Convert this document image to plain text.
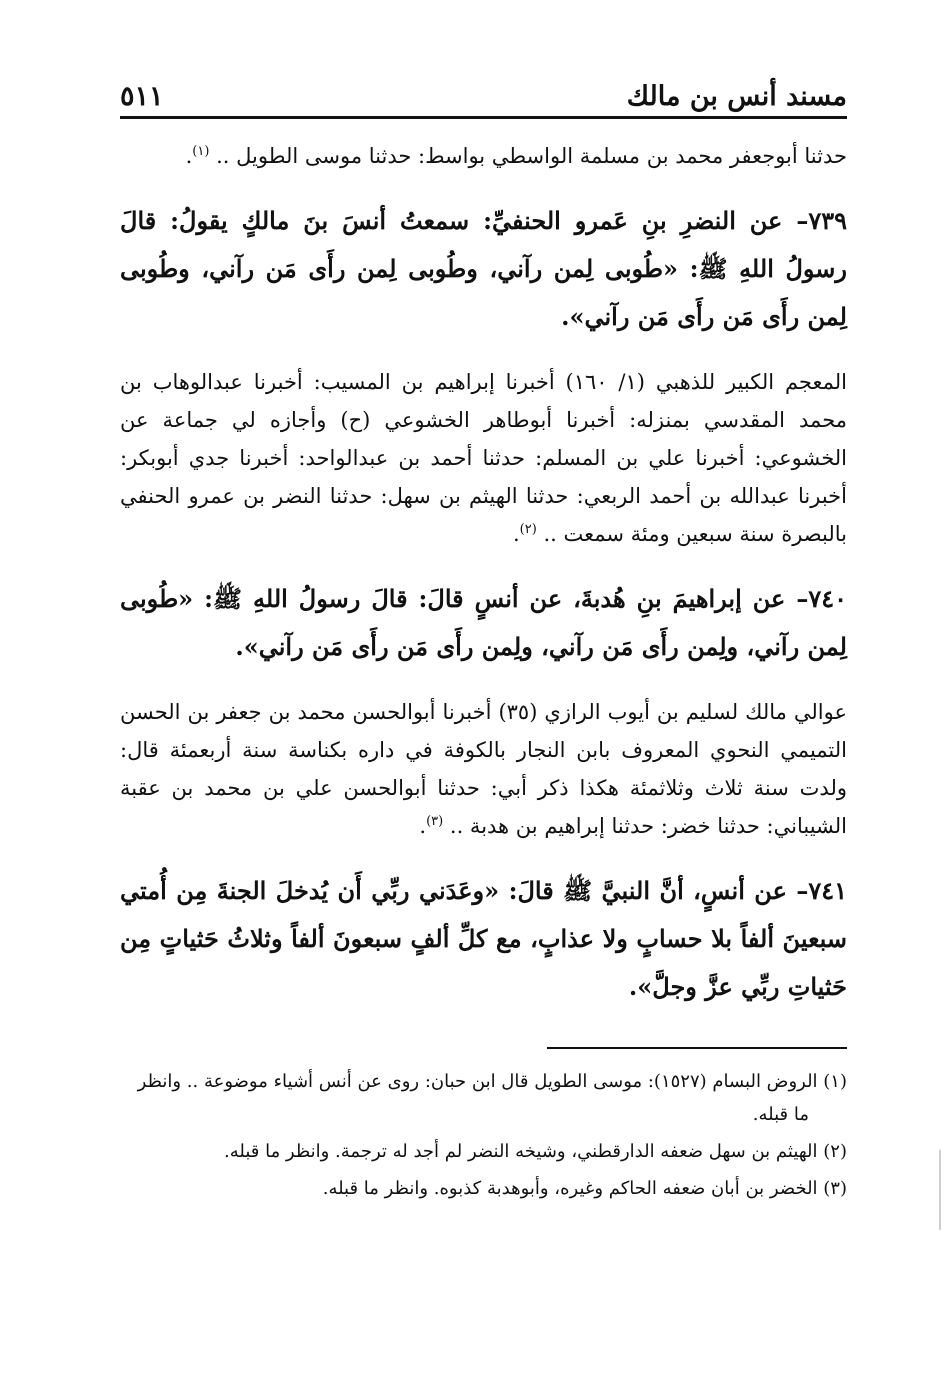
مسند أنس بن مالك
٥١١

حدثنا أبوجعفر محمد بن مسلمة الواسطي بواسط: حدثنا موسى الطويل .. $^{(١)}$.

٧٣٩– عن النضرِ بنِ عَمرو الحنفيِّ: سمعتُ أنسَ بنَ مالكٍ يقولُ: قالَ رسولُ اللهِ ﷺ: «طُوبى لِمن رآني، وطُوبى لِمن رأَى مَن رآني، وطُوبى لِمن رأَى مَن رأَى مَن رآني».

المعجم الكبير للذهبي (١/ ١٦٠) أخبرنا إبراهيم بن المسيب: أخبرنا عبدالوهاب بن محمد المقدسي بمنزله: أخبرنا أبوطاهر الخشوعي (ح) وأجازه لي جماعة عن الخشوعي: أخبرنا علي بن المسلم: حدثنا أحمد بن عبدالواحد: أخبرنا جدي أبوبكر: أخبرنا عبدالله بن أحمد الربعي: حدثنا الهيثم بن سهل: حدثنا النضر بن عمرو الحنفي بالبصرة سنة سبعين ومئة سمعت .. $^{(٢)}$.

٧٤٠– عن إبراهيمَ بنِ هُدبةَ، عن أنسٍ قالَ: قالَ رسولُ اللهِ ﷺ: «طُوبى لِمن رآني، ولِمن رأَى مَن رآني، ولِمن رأَى مَن رأَى مَن رآني».

عوالي مالك لسليم بن أيوب الرازي (٣٥) أخبرنا أبوالحسن محمد بن جعفر بن الحسن التميمي النحوي المعروف بابن النجار بالكوفة في داره بكناسة سنة أربعمئة قال: ولدت سنة ثلاث وثلاثمئة هكذا ذكر أبي: حدثنا أبوالحسن علي بن محمد بن عقبة الشيباني: حدثنا خضر: حدثنا إبراهيم بن هدبة .. $^{(٣)}$.

٧٤١– عن أنسٍ، أنَّ النبيَّ ﷺ قالَ: «وعَدَني ربِّي أَن يُدخلَ الجنةَ مِن أُمتي سبعينَ ألفاً بلا حسابٍ ولا عذابٍ، مع كلِّ ألفٍ سبعونَ ألفاً وثلاثُ حَثياتٍ مِن حَثياتِ ربِّي عزَّ وجلَّ».

(١) الروض البسام (١٥٢٧): موسى الطويل قال ابن حبان: روى عن أنس أشياء موضوعة .. وانظر ما قبله.

(٢) الهيثم بن سهل ضعفه الدارقطني، وشيخه النضر لم أجد له ترجمة. وانظر ما قبله.

(٣) الخضر بن أبان ضعفه الحاكم وغيره، وأبوهدبة كذبوه. وانظر ما قبله.
